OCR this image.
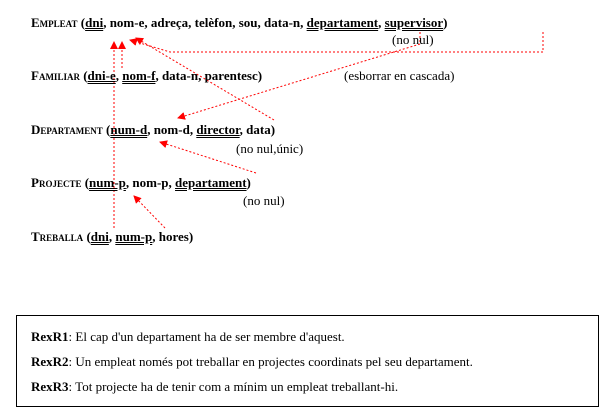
Empleat (dni, nom-e, adreça, telèfon, sou, data-n, departament, supervisor)
(no nul)
Familiar (dni-e, nom-f, data-n, parentesc)	(esborrar en cascada)
Departament (num-d, nom-d, director, data)
(no nul,únic)
Projecte (num-p, nom-p, departament)
(no nul)
Treballa (dni, num-p, hores)
RexR1: El cap d'un departament ha de ser membre d'aquest.
RexR2: Un empleat només pot treballar en projectes coordinats pel seu departament.
RexR3: Tot projecte ha de tenir com a mínim un empleat treballant-hi.
